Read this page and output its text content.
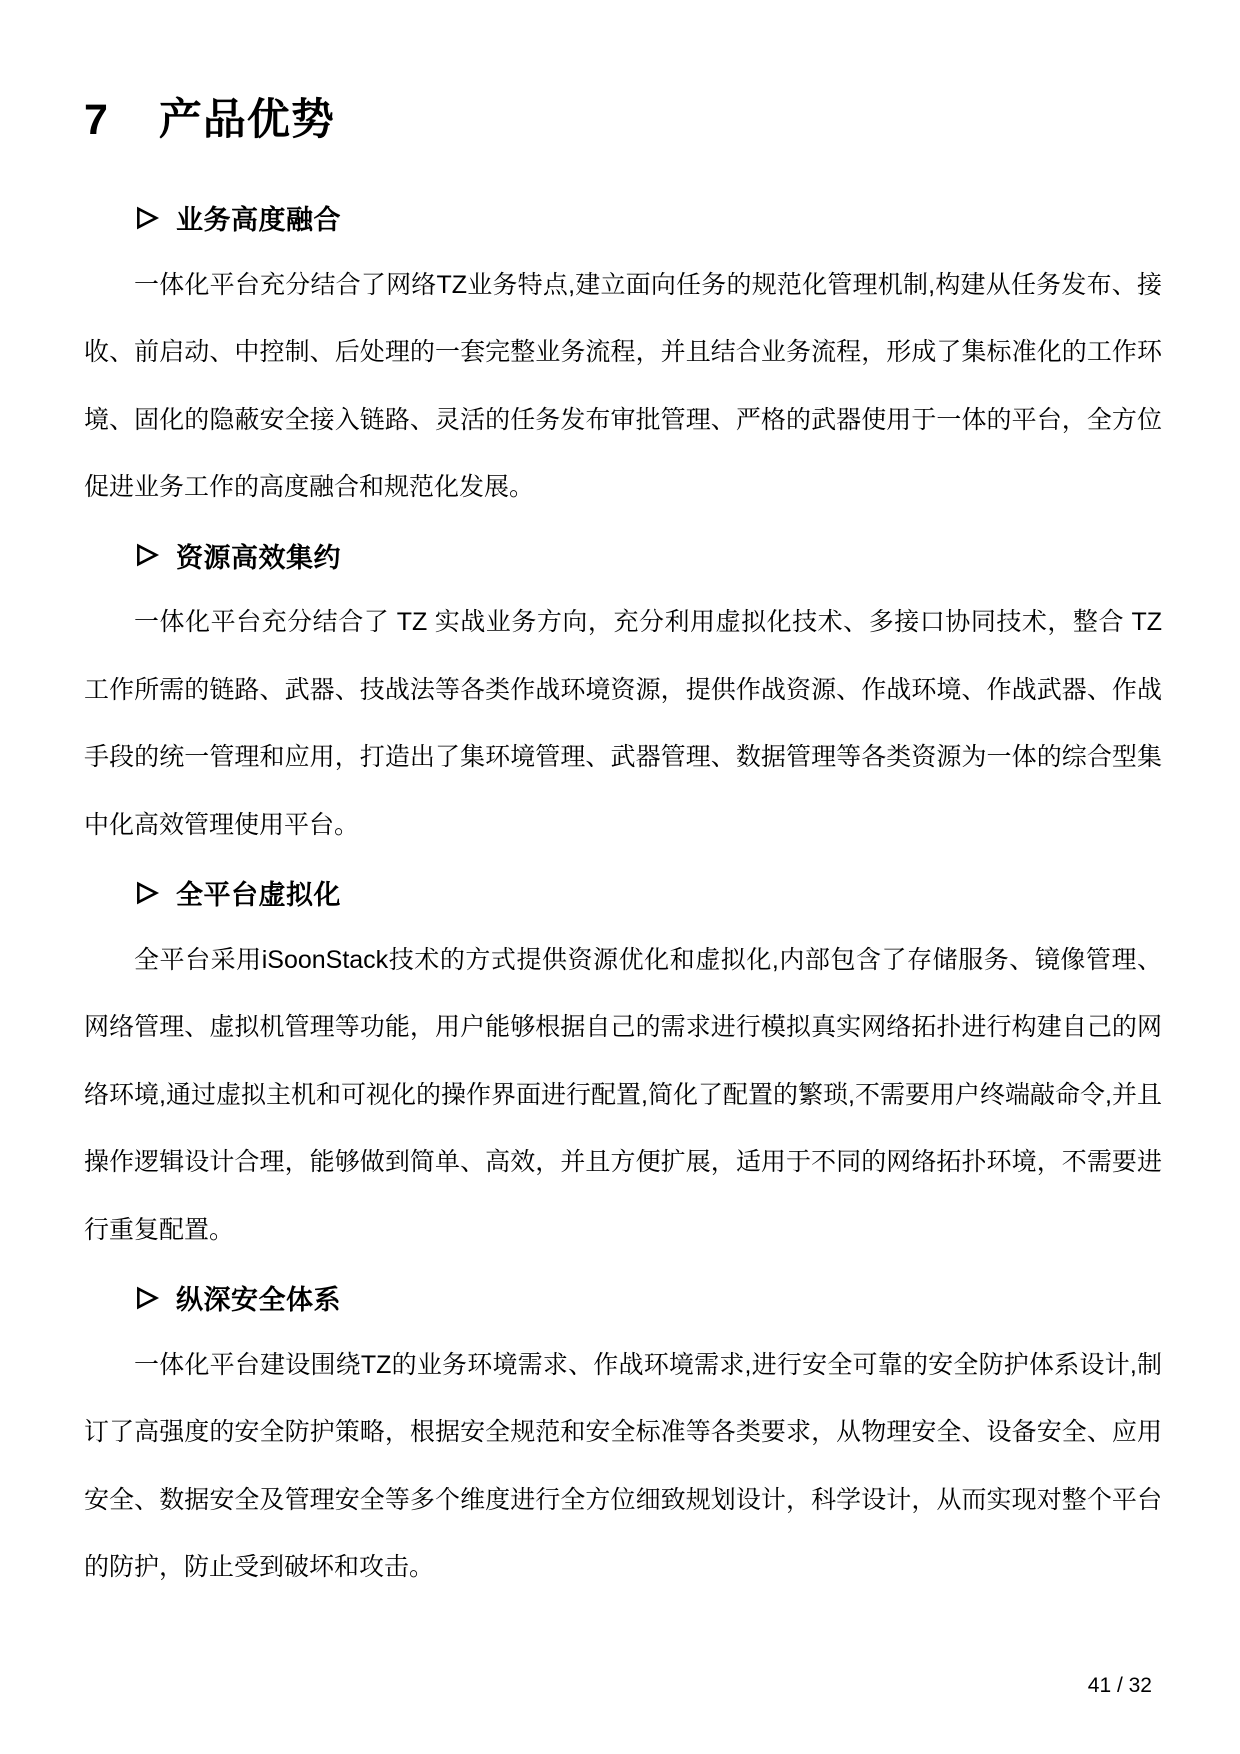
7 产品优势
业务高度融合

一体化平台充分结合了网络TZ业务特点,建立面向任务的规范化管理机制,构建从任务发布、接收、前启动、中控制、后处理的一套完整业务流程，并且结合业务流程，形成了集标准化的工作环境、固化的隐蔽安全接入链路、灵活的任务发布审批管理、严格的武器使用于一体的平台，全方位促进业务工作的高度融合和规范化发展。

资源高效集约

一体化平台充分结合了 TZ 实战业务方向，充分利用虚拟化技术、多接口协同技术，整合 TZ 工作所需的链路、武器、技战法等各类作战环境资源，提供作战资源、作战环境、作战武器、作战手段的统一管理和应用，打造出了集环境管理、武器管理、数据管理等各类资源为一体的综合型集中化高效管理使用平台。

全平台虚拟化

全平台采用iSoonStack技术的方式提供资源优化和虚拟化,内部包含了存储服务、镜像管理、网络管理、虚拟机管理等功能，用户能够根据自己的需求进行模拟真实网络拓扑进行构建自己的网络环境,通过虚拟主机和可视化的操作界面进行配置,简化了配置的繁琐,不需要用户终端敲命令,并且操作逻辑设计合理，能够做到简单、高效，并且方便扩展，适用于不同的网络拓扑环境，不需要进行重复配置。

纵深安全体系

一体化平台建设围绕TZ的业务环境需求、作战环境需求,进行安全可靠的安全防护体系设计,制订了高强度的安全防护策略，根据安全规范和安全标准等各类要求，从物理安全、设备安全、应用安全、数据安全及管理安全等多个维度进行全方位细致规划设计，科学设计，从而实现对整个平台的防护，防止受到破坏和攻击。

41 / 32
